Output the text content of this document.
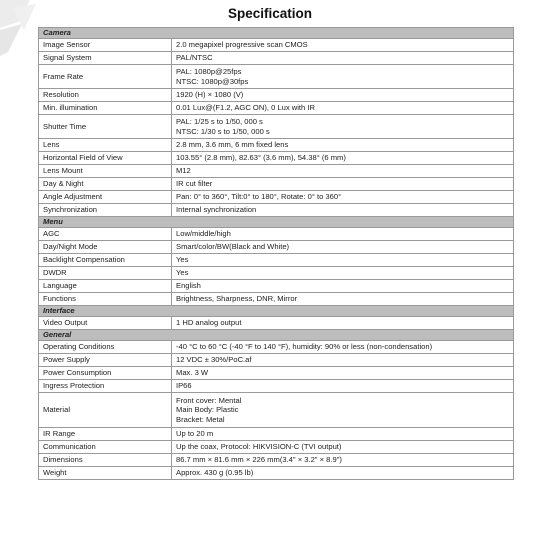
Specification
Camera	
Image Sensor	2.0 megapixel progressive scan CMOS

Signal System	PAL/NTSC

Frame Rate	PAL: 1080p@25fps
NTSC: 1080p@30fps

Resolution	1920 (H) × 1080 (V)

Min. illumination	0.01 Lux@(F1.2, AGC ON), 0 Lux with IR

Shutter Time	PAL: 1/25 s to 1/50, 000 s
NTSC: 1/30 s to 1/50, 000 s

Lens	2.8 mm, 3.6 mm, 6 mm fixed lens

Horizontal Field of View	103.55° (2.8 mm), 82.63° (3.6 mm), 54.38° (6 mm)

Lens Mount	M12

Day & Night	IR cut filter

Angle Adjustment	Pan: 0° to 360°, Tilt:0° to 180°, Rotate: 0° to 360°

Synchronization	Internal synchronization

Menu	
AGC	Low/middle/high

Day/Night Mode	Smart/color/BW(Black and White)

Backlight Compensation	Yes

DWDR	Yes

Language	English

Functions	Brightness, Sharpness, DNR, Mirror

Interface	
Video Output	1 HD analog output

General	
Operating Conditions	-40 °C to 60 °C (-40 °F to 140 °F), humidity: 90% or less (non-condensation)

Power Supply	12 VDC ± 30%/PoC.af

Power Consumption	Max. 3 W

Ingress Protection	IP66

Material	Front cover: Mental
Main Body: Plastic
Bracket: Metal

IR Range	Up to 20 m

Communication	Up the coax, Protocol: HIKVISION-C (TVI output)

Dimensions	86.7 mm × 81.6 mm × 226 mm(3.4" × 3.2" × 8.9")

Weight	Approx. 430 g (0.95 lb)
